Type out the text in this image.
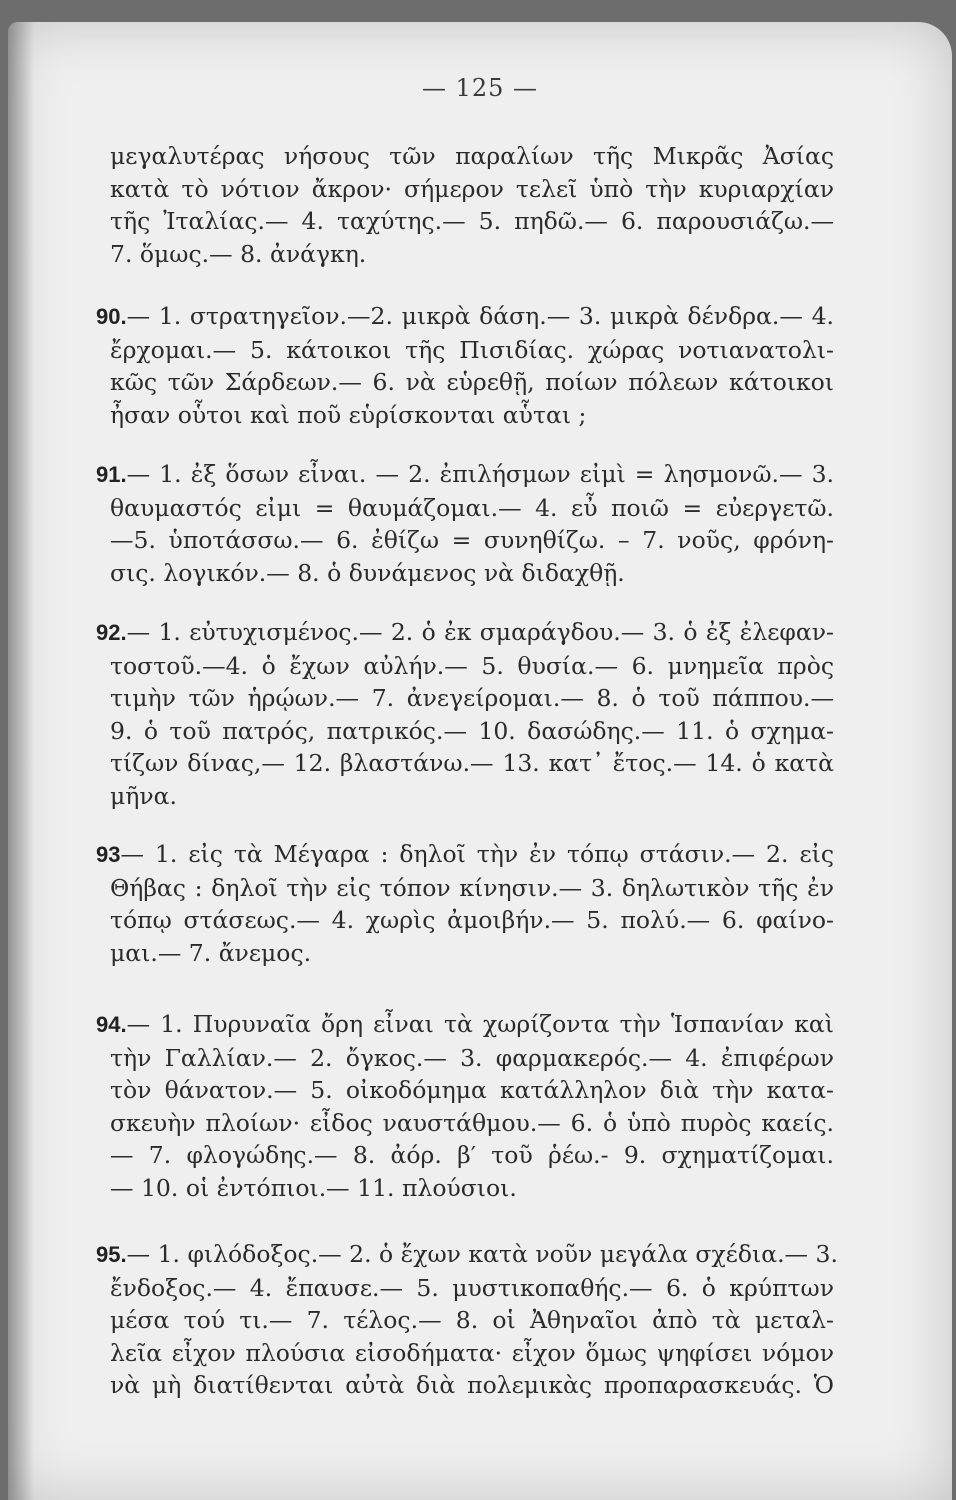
— 125 —
μεγαλυτέρας νήσους τῶν παραλίων τῆς Μικρᾶς Ἀσίας
κατὰ τὸ νότιον ἄκρον· σήμερον τελεῖ ὑπὸ τὴν κυριαρχίαν
τῆς Ἰταλίας.— 4. ταχύτης.— 5. πηδῶ.— 6. παρουσιάζω.—
7. ὅμως.— 8. ἀνάγκη.
90.— 1. στρατηγεῖον.—2. μικρὰ δάση.— 3. μικρὰ δένδρα.— 4.
ἔρχομαι.— 5. κάτοικοι τῆς Πισιδίας. χώρας νοτιανατολι-
κῶς τῶν Σάρδεων.— 6. νὰ εὑρεθῇ, ποίων πόλεων κάτοικοι
ἦσαν οὗτοι καὶ ποῦ εὑρίσκονται αὗται ;
91.— 1. ἐξ ὅσων εἶναι. — 2. ἐπιλήσμων εἰμὶ = λησμονῶ.— 3.
θαυμαστός εἰμι = θαυμάζομαι.— 4. εὖ ποιῶ = εὐεργετῶ.
—5. ὑποτάσσω.— 6. ἐθίζω = συνηθίζω. – 7. νοῦς, φρόνη-
σις. λογικόν.— 8. ὁ δυνάμενος νὰ διδαχθῇ.
92.— 1. εὐτυχισμένος.— 2. ὁ ἐκ σμαράγδου.— 3. ὁ ἐξ ἐλεφαν-
τοστοῦ.—4. ὁ ἔχων αὐλήν.— 5. θυσία.— 6. μνημεῖα πρὸς
τιμὴν τῶν ἡρῴων.— 7. ἀνεγείρομαι.— 8. ὁ τοῦ πάππου.—
9. ὁ τοῦ πατρός, πατρικός.— 10. δασώδης.— 11. ὁ σχημα-
τίζων δίνας,— 12. βλαστάνω.— 13. κατ᾿ ἔτος.— 14. ὁ κατὰ
μῆνα.
93— 1. εἰς τὰ Μέγαρα : δηλοῖ τὴν ἐν τόπῳ στάσιν.— 2. εἰς
Θήβας : δηλοῖ τὴν εἰς τόπον κίνησιν.— 3. δηλωτικὸν τῆς ἐν
τόπῳ στάσεως.— 4. χωρὶς ἀμοιβήν.— 5. πολύ.— 6. φαίνο-
μαι.— 7. ἄνεμος.
94.— 1. Πυρυναῖα ὄρη εἶναι τὰ χωρίζοντα τὴν Ἱσπανίαν καὶ
τὴν Γαλλίαν.— 2. ὄγκος.— 3. φαρμακερός.— 4. ἐπιφέρων
τὸν θάνατον.— 5. οἰκοδόμημα κατάλληλον διὰ τὴν κατα-
σκευὴν πλοίων· εἶδος ναυστάθμου.— 6. ὁ ὑπὸ πυρὸς καείς.
— 7. φλογώδης.— 8. ἀόρ. β′ τοῦ ῥέω.- 9. σχηματίζομαι.
— 10. οἱ ἐντόπιοι.— 11. πλούσιοι.
95.— 1. φιλόδοξος.— 2. ὁ ἔχων κατὰ νοῦν μεγάλα σχέδια.— 3.
ἔνδοξος.— 4. ἔπαυσε.— 5. μυστικοπαθής.— 6. ὁ κρύπτων
μέσα τού τι.— 7. τέλος.— 8. οἱ Ἀθηναῖοι ἀπὸ τὰ μεταλ-
λεῖα εἶχον πλούσια εἰσοδήματα· εἶχον ὅμως ψηφίσει νόμον
νὰ μὴ διατίθενται αὐτὰ διὰ πολεμικὰς προπαρασκευάς. Ὁ
